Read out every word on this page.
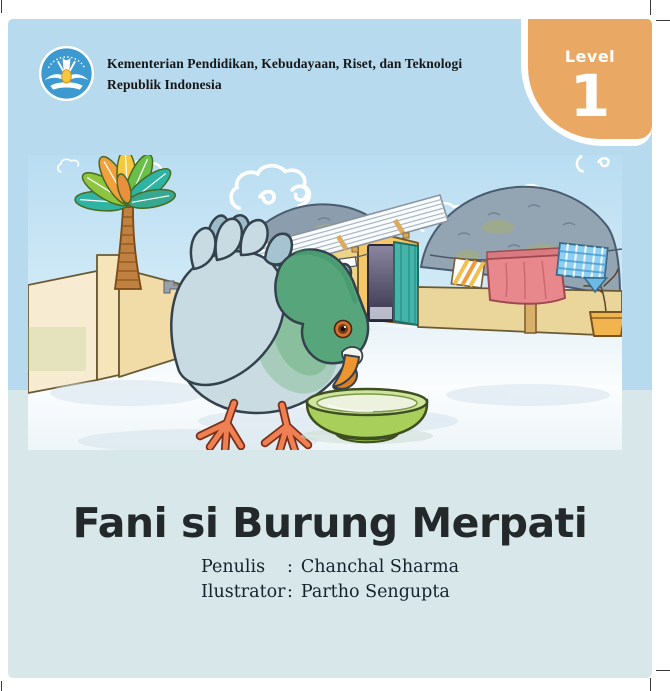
Kementerian Pendidikan, Kebudayaan, Riset, dan Teknologi
Republik Indonesia
Level
1
Fani si Burung Merpati
Penulis	: Chanchal Sharma
Ilustrator : Partho Sengupta
